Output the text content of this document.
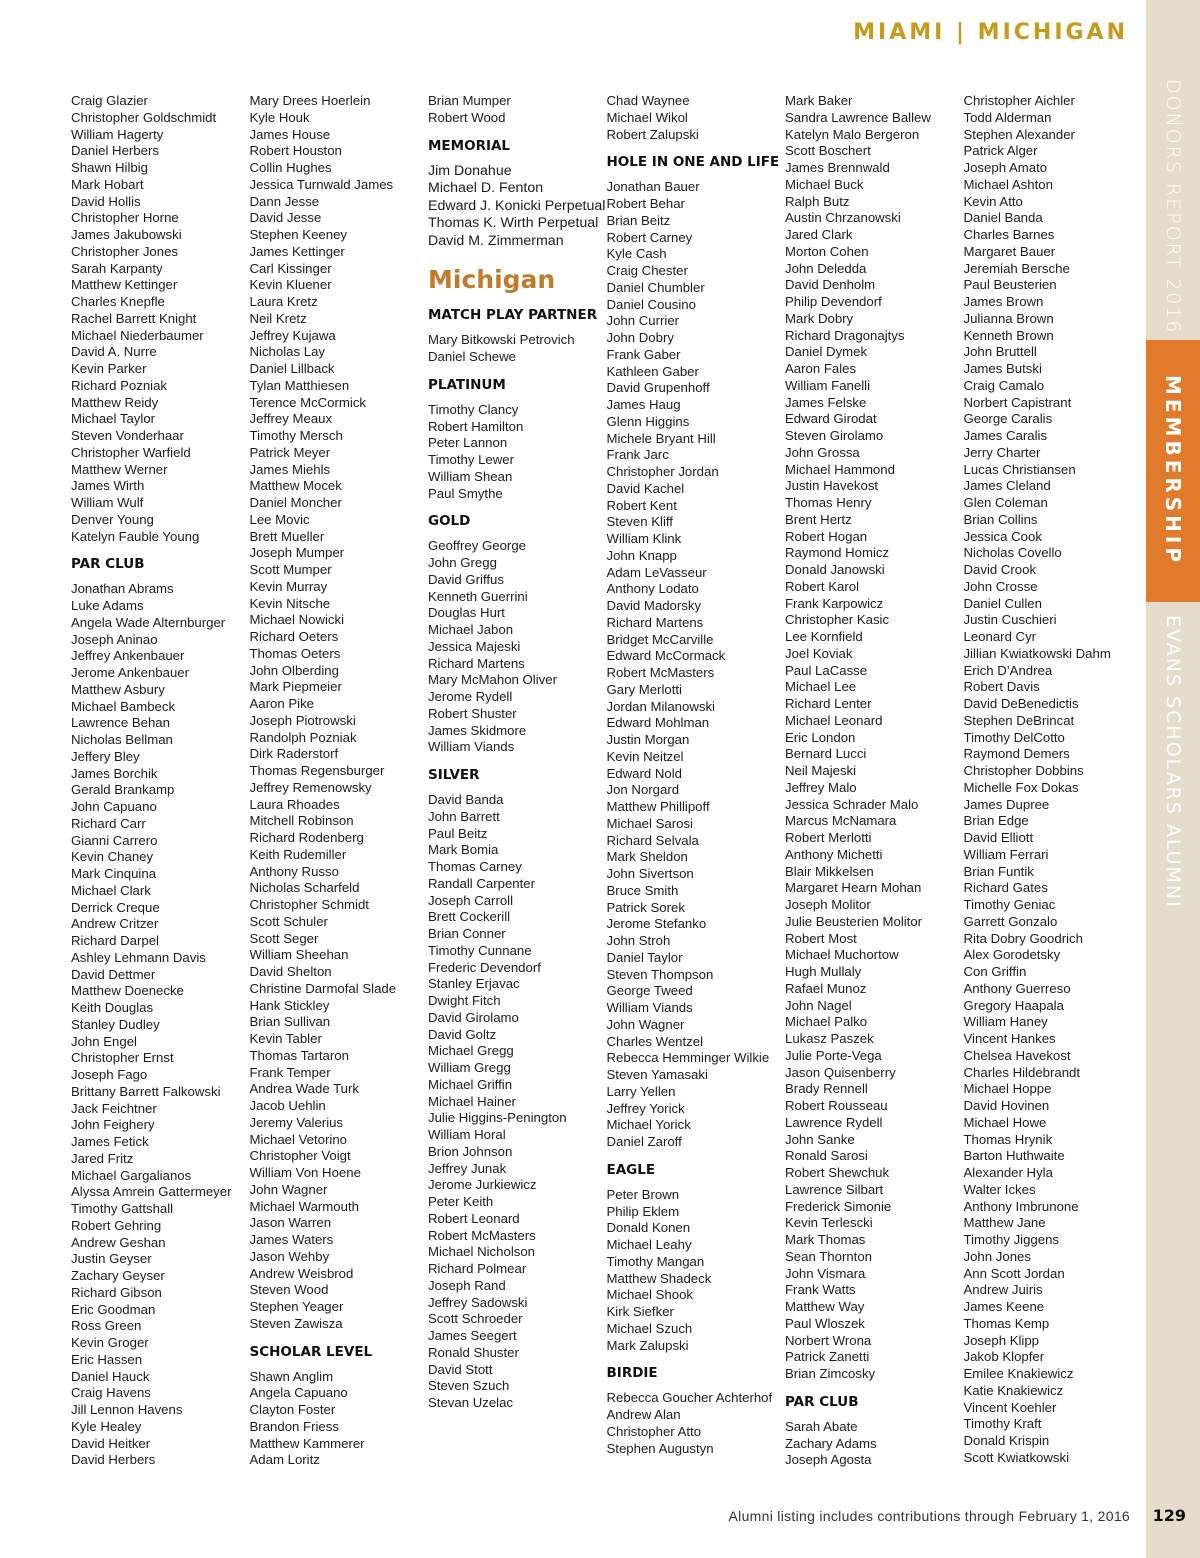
MIAMI | MICHIGAN
DONORS REPORT 2016
MEMBERSHIP
EVANS SCHOLARS ALUMNI
Craig Glazier
Christopher Goldschmidt
William Hagerty
Daniel Herbers
Shawn Hilbig
Mark Hobart
David Hollis
Christopher Horne
James Jakubowski
Christopher Jones
Sarah Karpanty
Matthew Kettinger
Charles Knepfle
Rachel Barrett Knight
Michael Niederbaumer
David A. Nurre
Kevin Parker
Richard Pozniak
Matthew Reidy
Michael Taylor
Steven Vonderhaar
Christopher Warfield
Matthew Werner
James Wirth
William Wulf
Denver Young
Katelyn Fauble Young
PAR CLUB
Jonathan Abrams
Luke Adams
Angela Wade Alternburger
Joseph Aninao
Jeffrey Ankenbauer
Jerome Ankenbauer
Matthew Asbury
Michael Bambeck
Lawrence Behan
Nicholas Bellman
Jeffery Bley
James Borchik
Gerald Brankamp
John Capuano
Richard Carr
Gianni Carrero
Kevin Chaney
Mark Cinquina
Michael Clark
Derrick Creque
Andrew Critzer
Richard Darpel
Ashley Lehmann Davis
David Dettmer
Matthew Doenecke
Keith Douglas
Stanley Dudley
John Engel
Christopher Ernst
Joseph Fago
Brittany Barrett Falkowski
Jack Feichtner
John Feighery
James Fetick
Jared Fritz
Michael Gargalianos
Alyssa Amrein Gattermeyer
Timothy Gattshall
Robert Gehring
Andrew Geshan
Justin Geyser
Zachary Geyser
Richard Gibson
Eric Goodman
Ross Green
Kevin Groger
Eric Hassen
Daniel Hauck
Craig Havens
Jill Lennon Havens
Kyle Healey
David Heitker
David Herbers
Mary Drees Hoerlein
Kyle Houk
James House
Robert Houston
Collin Hughes
Jessica Turnwald James
Dann Jesse
David Jesse
Stephen Keeney
James Kettinger
Carl Kissinger
Kevin Kluener
Laura Kretz
Neil Kretz
Jeffrey Kujawa
Nicholas Lay
Daniel Lillback
Tylan Matthiesen
Terence McCormick
Jeffrey Meaux
Timothy Mersch
Patrick Meyer
James Miehls
Matthew Mocek
Daniel Moncher
Lee Movic
Brett Mueller
Joseph Mumper
Scott Mumper
Kevin Murray
Kevin Nitsche
Michael Nowicki
Richard Oeters
Thomas Oeters
John Olberding
Mark Piepmeier
Aaron Pike
Joseph Piotrowski
Randolph Pozniak
Dirk Raderstorf
Thomas Regensburger
Jeffrey Remenowsky
Laura Rhoades
Mitchell Robinson
Richard Rodenberg
Keith Rudemiller
Anthony Russo
Nicholas Scharfeld
Christopher Schmidt
Scott Schuler
Scott Seger
William Sheehan
David Shelton
Christine Darmofal Slade
Hank Stickley
Brian Sullivan
Kevin Tabler
Thomas Tartaron
Frank Temper
Andrea Wade Turk
Jacob Uehlin
Jeremy Valerius
Michael Vetorino
Christopher Voigt
William Von Hoene
John Wagner
Michael Warmouth
Jason Warren
James Waters
Jason Wehby
Andrew Weisbrod
Steven Wood
Stephen Yeager
Steven Zawisza
SCHOLAR LEVEL
Shawn Anglim
Angela Capuano
Clayton Foster
Brandon Friess
Matthew Kammerer
Adam Loritz
Brian Mumper
Robert Wood
MEMORIAL
Jim Donahue
Michael D. Fenton
Edward J. Konicki Perpetual
Thomas K. Wirth Perpetual
David M. Zimmerman
Michigan
MATCH PLAY PARTNER
Mary Bitkowski Petrovich
Daniel Schewe
PLATINUM
Timothy Clancy
Robert Hamilton
Peter Lannon
Timothy Lewer
William Shean
Paul Smythe
GOLD
Geoffrey George
John Gregg
David Griffus
Kenneth Guerrini
Douglas Hurt
Michael Jabon
Jessica Majeski
Richard Martens
Mary McMahon Oliver
Jerome Rydell
Robert Shuster
James Skidmore
William Viands
SILVER
David Banda
John Barrett
Paul Beitz
Mark Bomia
Thomas Carney
Randall Carpenter
Joseph Carroll
Brett Cockerill
Brian Conner
Timothy Cunnane
Frederic Devendorf
Stanley Erjavac
Dwight Fitch
David Girolamo
David Goltz
Michael Gregg
William Gregg
Michael Griffin
Michael Hainer
Julie Higgins-Penington
William Horal
Brion Johnson
Jeffrey Junak
Jerome Jurkiewicz
Peter Keith
Robert Leonard
Robert McMasters
Michael Nicholson
Richard Polmear
Joseph Rand
Jeffrey Sadowski
Scott Schroeder
James Seegert
Ronald Shuster
David Stott
Steven Szuch
Stevan Uzelac
Chad Waynee
Michael Wikol
Robert Zalupski
HOLE IN ONE AND LIFE
Jonathan Bauer
Robert Behar
Brian Beitz
Robert Carney
Kyle Cash
Craig Chester
Daniel Chumbler
Daniel Cousino
John Currier
John Dobry
Frank Gaber
Kathleen Gaber
David Grupenhoff
James Haug
Glenn Higgins
Michele Bryant Hill
Frank Jarc
Christopher Jordan
David Kachel
Robert Kent
Steven Kliff
William Klink
John Knapp
Adam LeVasseur
Anthony Lodato
David Madorsky
Richard Martens
Bridget McCarville
Edward McCormack
Robert McMasters
Gary Merlotti
Jordan Milanowski
Edward Mohlman
Justin Morgan
Kevin Neitzel
Edward Nold
Jon Norgard
Matthew Phillipoff
Michael Sarosi
Richard Selvala
Mark Sheldon
John Sivertson
Bruce Smith
Patrick Sorek
Jerome Stefanko
John Stroh
Daniel Taylor
Steven Thompson
George Tweed
William Viands
John Wagner
Charles Wentzel
Rebecca Hemminger Wilkie
Steven Yamasaki
Larry Yellen
Jeffrey Yorick
Michael Yorick
Daniel Zaroff
EAGLE
Peter Brown
Philip Eklem
Donald Konen
Michael Leahy
Timothy Mangan
Matthew Shadeck
Michael Shook
Kirk Siefker
Michael Szuch
Mark Zalupski
BIRDIE
Rebecca Goucher Achterhof
Andrew Alan
Christopher Atto
Stephen Augustyn
Mark Baker
Sandra Lawrence Ballew
Katelyn Malo Bergeron
Scott Boschert
James Brennwald
Michael Buck
Ralph Butz
Austin Chrzanowski
Jared Clark
Morton Cohen
John Deledda
David Denholm
Philip Devendorf
Mark Dobry
Richard Dragonajtys
Daniel Dymek
Aaron Fales
William Fanelli
James Felske
Edward Girodat
Steven Girolamo
John Grossa
Michael Hammond
Justin Havekost
Thomas Henry
Brent Hertz
Robert Hogan
Raymond Homicz
Donald Janowski
Robert Karol
Frank Karpowicz
Christopher Kasic
Lee Kornfield
Joel Koviak
Paul LaCasse
Michael Lee
Richard Lenter
Michael Leonard
Eric London
Bernard Lucci
Neil Majeski
Jeffrey Malo
Jessica Schrader Malo
Marcus McNamara
Robert Merlotti
Anthony Michetti
Blair Mikkelsen
Margaret Hearn Mohan
Joseph Molitor
Julie Beusterien Molitor
Robert Most
Michael Muchortow
Hugh Mullaly
Rafael Munoz
John Nagel
Michael Palko
Lukasz Paszek
Julie Porte-Vega
Jason Quisenberry
Brady Rennell
Robert Rousseau
Lawrence Rydell
John Sanke
Ronald Sarosi
Robert Shewchuk
Lawrence Silbart
Frederick Simonie
Kevin Terlescki
Mark Thomas
Sean Thornton
John Vismara
Frank Watts
Matthew Way
Paul Wloszek
Norbert Wrona
Patrick Zanetti
Brian Zimcosky
PAR CLUB
Sarah Abate
Zachary Adams
Joseph Agosta
Christopher Aichler
Todd Alderman
Stephen Alexander
Patrick Alger
Joseph Amato
Michael Ashton
Kevin Atto
Daniel Banda
Charles Barnes
Margaret Bauer
Jeremiah Bersche
Paul Beusterien
James Brown
Julianna Brown
Kenneth Brown
John Bruttell
James Butski
Craig Camalo
Norbert Capistrant
George Caralis
James Caralis
Jerry Charter
Lucas Christiansen
James Cleland
Glen Coleman
Brian Collins
Jessica Cook
Nicholas Covello
David Crook
John Crosse
Daniel Cullen
Justin Cuschieri
Leonard Cyr
Jillian Kwiatkowski Dahm
Erich D’Andrea
Robert Davis
David DeBenedictis
Stephen DeBrincat
Timothy DelCotto
Raymond Demers
Christopher Dobbins
Michelle Fox Dokas
James Dupree
Brian Edge
David Elliott
William Ferrari
Brian Funtik
Richard Gates
Timothy Geniac
Garrett Gonzalo
Rita Dobry Goodrich
Alex Gorodetsky
Con Griffin
Anthony Guerreso
Gregory Haapala
William Haney
Vincent Hankes
Chelsea Havekost
Charles Hildebrandt
Michael Hoppe
David Hovinen
Michael Howe
Thomas Hrynik
Barton Huthwaite
Alexander Hyla
Walter Ickes
Anthony Imbrunone
Matthew Jane
Timothy Jiggens
John Jones
Ann Scott Jordan
Andrew Juiris
James Keene
Thomas Kemp
Joseph Klipp
Jakob Klopfer
Emilee Knakiewicz
Katie Knakiewicz
Vincent Koehler
Timothy Kraft
Donald Krispin
Scott Kwiatkowski
Alumni listing includes contributions through February 1, 2016 129
